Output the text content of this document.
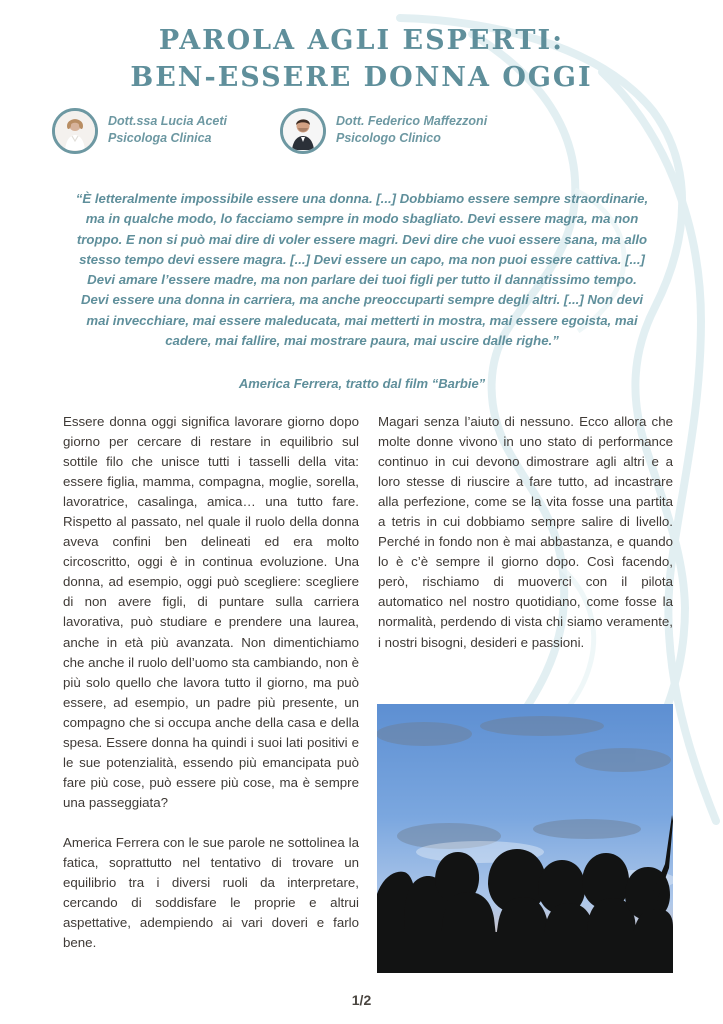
PAROLA AGLI ESPERTI:
BEN-ESSERE DONNA OGGI
Dott.ssa Lucia Aceti
Psicologa Clinica
Dott. Federico Maffezzoni
Psicologo Clinico
“È letteralmente impossibile essere una donna. [...] Dobbiamo essere sempre straordinarie, ma in qualche modo, lo facciamo sempre in modo sbagliato. Devi essere magra, ma non troppo. E non si può mai dire di voler essere magri. Devi dire che vuoi essere sana, ma allo stesso tempo devi essere magra. [...] Devi essere un capo, ma non puoi essere cattiva. [...] Devi amare l’essere madre, ma non parlare dei tuoi figli per tutto il dannatissimo tempo. Devi essere una donna in carriera, ma anche preoccuparti sempre degli altri. [...] Non devi mai invecchiare, mai essere maleducata, mai metterti in mostra, mai essere egoista, mai cadere, mai fallire, mai mostrare paura, mai uscire dalle righe.”
America Ferrera, tratto dal film “Barbie”

Essere donna oggi significa lavorare giorno dopo giorno per cercare di restare in equilibrio sul sottile filo che unisce tutti i tasselli della vita: essere figlia, mamma, compagna, moglie, sorella, lavoratrice, casalinga, amica… una tutto fare. Rispetto al passato, nel quale il ruolo della donna aveva confini ben delineati ed era molto circoscritto, oggi è in continua evoluzione. Una donna, ad esempio, oggi può scegliere: scegliere di non avere figli, di puntare sulla carriera lavorativa, può studiare e prendere una laurea, anche in età più avanzata. Non dimentichiamo che anche il ruolo dell’uomo sta cambiando, non è più solo quello che lavora tutto il giorno, ma può essere, ad esempio, un padre più presente, un compagno che si occupa anche della casa e della spesa. Essere donna ha quindi i suoi lati positivi e le sue potenzialità, essendo più emancipata può fare più cose, può essere più cose, ma è sempre una passeggiata?

America Ferrera con le sue parole ne sottolinea la fatica, soprattutto nel tentativo di trovare un equilibrio tra i diversi ruoli da interpretare, cercando di soddisfare le proprie e altrui aspettative, adempiendo ai vari doveri e farlo bene.

Magari senza l’aiuto di nessuno. Ecco allora che molte donne vivono in uno stato di performance continuo in cui devono dimostrare agli altri e a loro stesse di riuscire a fare tutto, ad incastrare alla perfezione, come se la vita fosse una partita a tetris in cui dobbiamo sempre salire di livello. Perché in fondo non è mai abbastanza, e quando lo è c’è sempre il giorno dopo. Così facendo, però, rischiamo di muoverci con il pilota automatico nel nostro quotidiano, come fosse la normalità, perdendo di vista chi siamo veramente, i nostri bisogni, desideri e passioni.

1/2
